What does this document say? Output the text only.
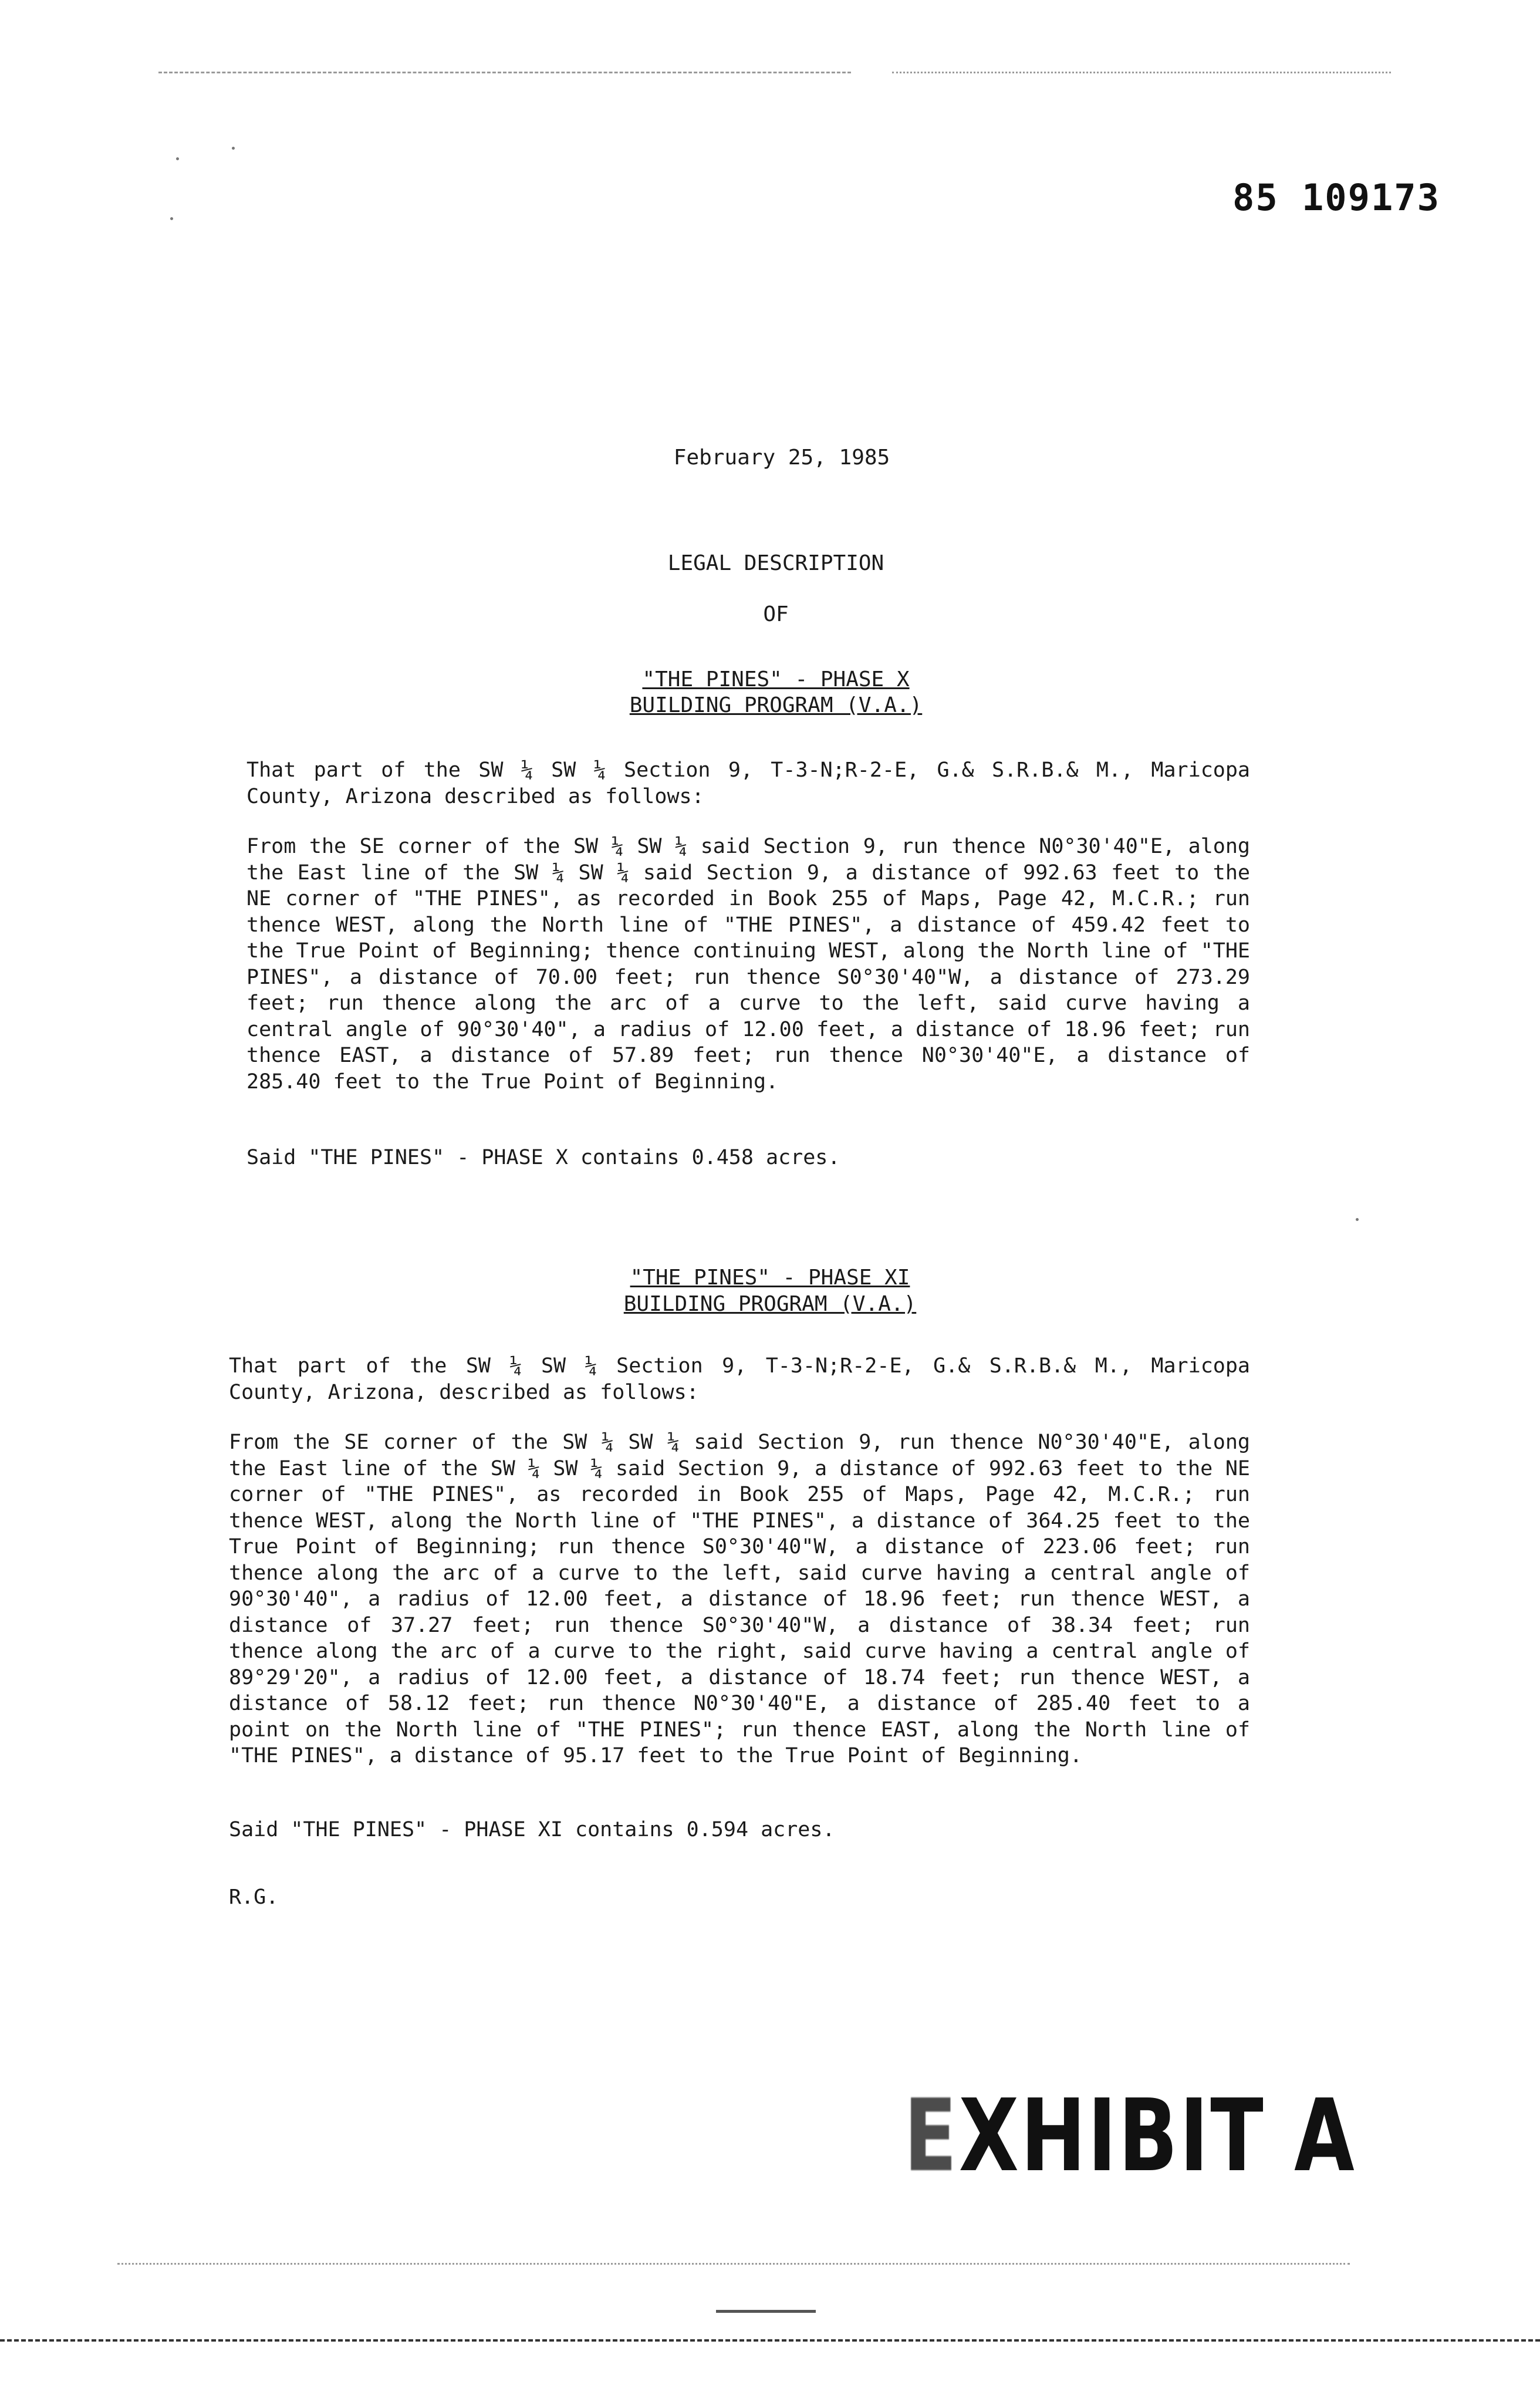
85 109173
February 25, 1985
LEGAL DESCRIPTION
OF
"THE PINES" - PHASE X
BUILDING PROGRAM (V.A.)
That part of the SW ¼ SW ¼ Section 9, T-3-N;R-2-E, G.& S.R.B.& M., Maricopa County, Arizona described as follows:
From the SE corner of the SW ¼ SW ¼ said Section 9, run thence N0°30'40"E, along the East line of the SW ¼ SW ¼ said Section 9, a distance of 992.63 feet to the NE corner of "THE PINES", as recorded in Book 255 of Maps, Page 42, M.C.R.; run thence WEST, along the North line of "THE PINES", a distance of 459.42 feet to the True Point of Beginning; thence continuing WEST, along the North line of "THE PINES", a distance of 70.00 feet; run thence S0°30'40"W, a distance of 273.29 feet; run thence along the arc of a curve to the left, said curve having a central angle of 90°30'40", a radius of 12.00 feet, a distance of 18.96 feet; run thence EAST, a distance of 57.89 feet; run thence N0°30'40"E, a distance of 285.40 feet to the True Point of Beginning.
Said "THE PINES" - PHASE X contains 0.458 acres.
"THE PINES" - PHASE XI
BUILDING PROGRAM (V.A.)
That part of the SW ¼ SW ¼ Section 9, T-3-N;R-2-E, G.& S.R.B.& M., Maricopa County, Arizona, described as follows:
From the SE corner of the SW ¼ SW ¼ said Section 9, run thence N0°30'40"E, along the East line of the SW ¼ SW ¼ said Section 9, a distance of 992.63 feet to the NE corner of "THE PINES", as recorded in Book 255 of Maps, Page 42, M.C.R.; run thence WEST, along the North line of "THE PINES", a distance of 364.25 feet to the True Point of Beginning; run thence S0°30'40"W, a distance of 223.06 feet; run thence along the arc of a curve to the left, said curve having a central angle of 90°30'40", a radius of 12.00 feet, a distance of 18.96 feet; run thence WEST, a distance of 37.27 feet; run thence S0°30'40"W, a distance of 38.34 feet; run thence along the arc of a curve to the right, said curve having a central angle of 89°29'20", a radius of 12.00 feet, a distance of 18.74 feet; run thence WEST, a distance of 58.12 feet; run thence N0°30'40"E, a distance of 285.40 feet to a point on the North line of "THE PINES"; run thence EAST, along the North line of "THE PINES", a distance of 95.17 feet to the True Point of Beginning.
Said "THE PINES" - PHASE XI contains 0.594 acres.
R.G.
EXHIBIT A
